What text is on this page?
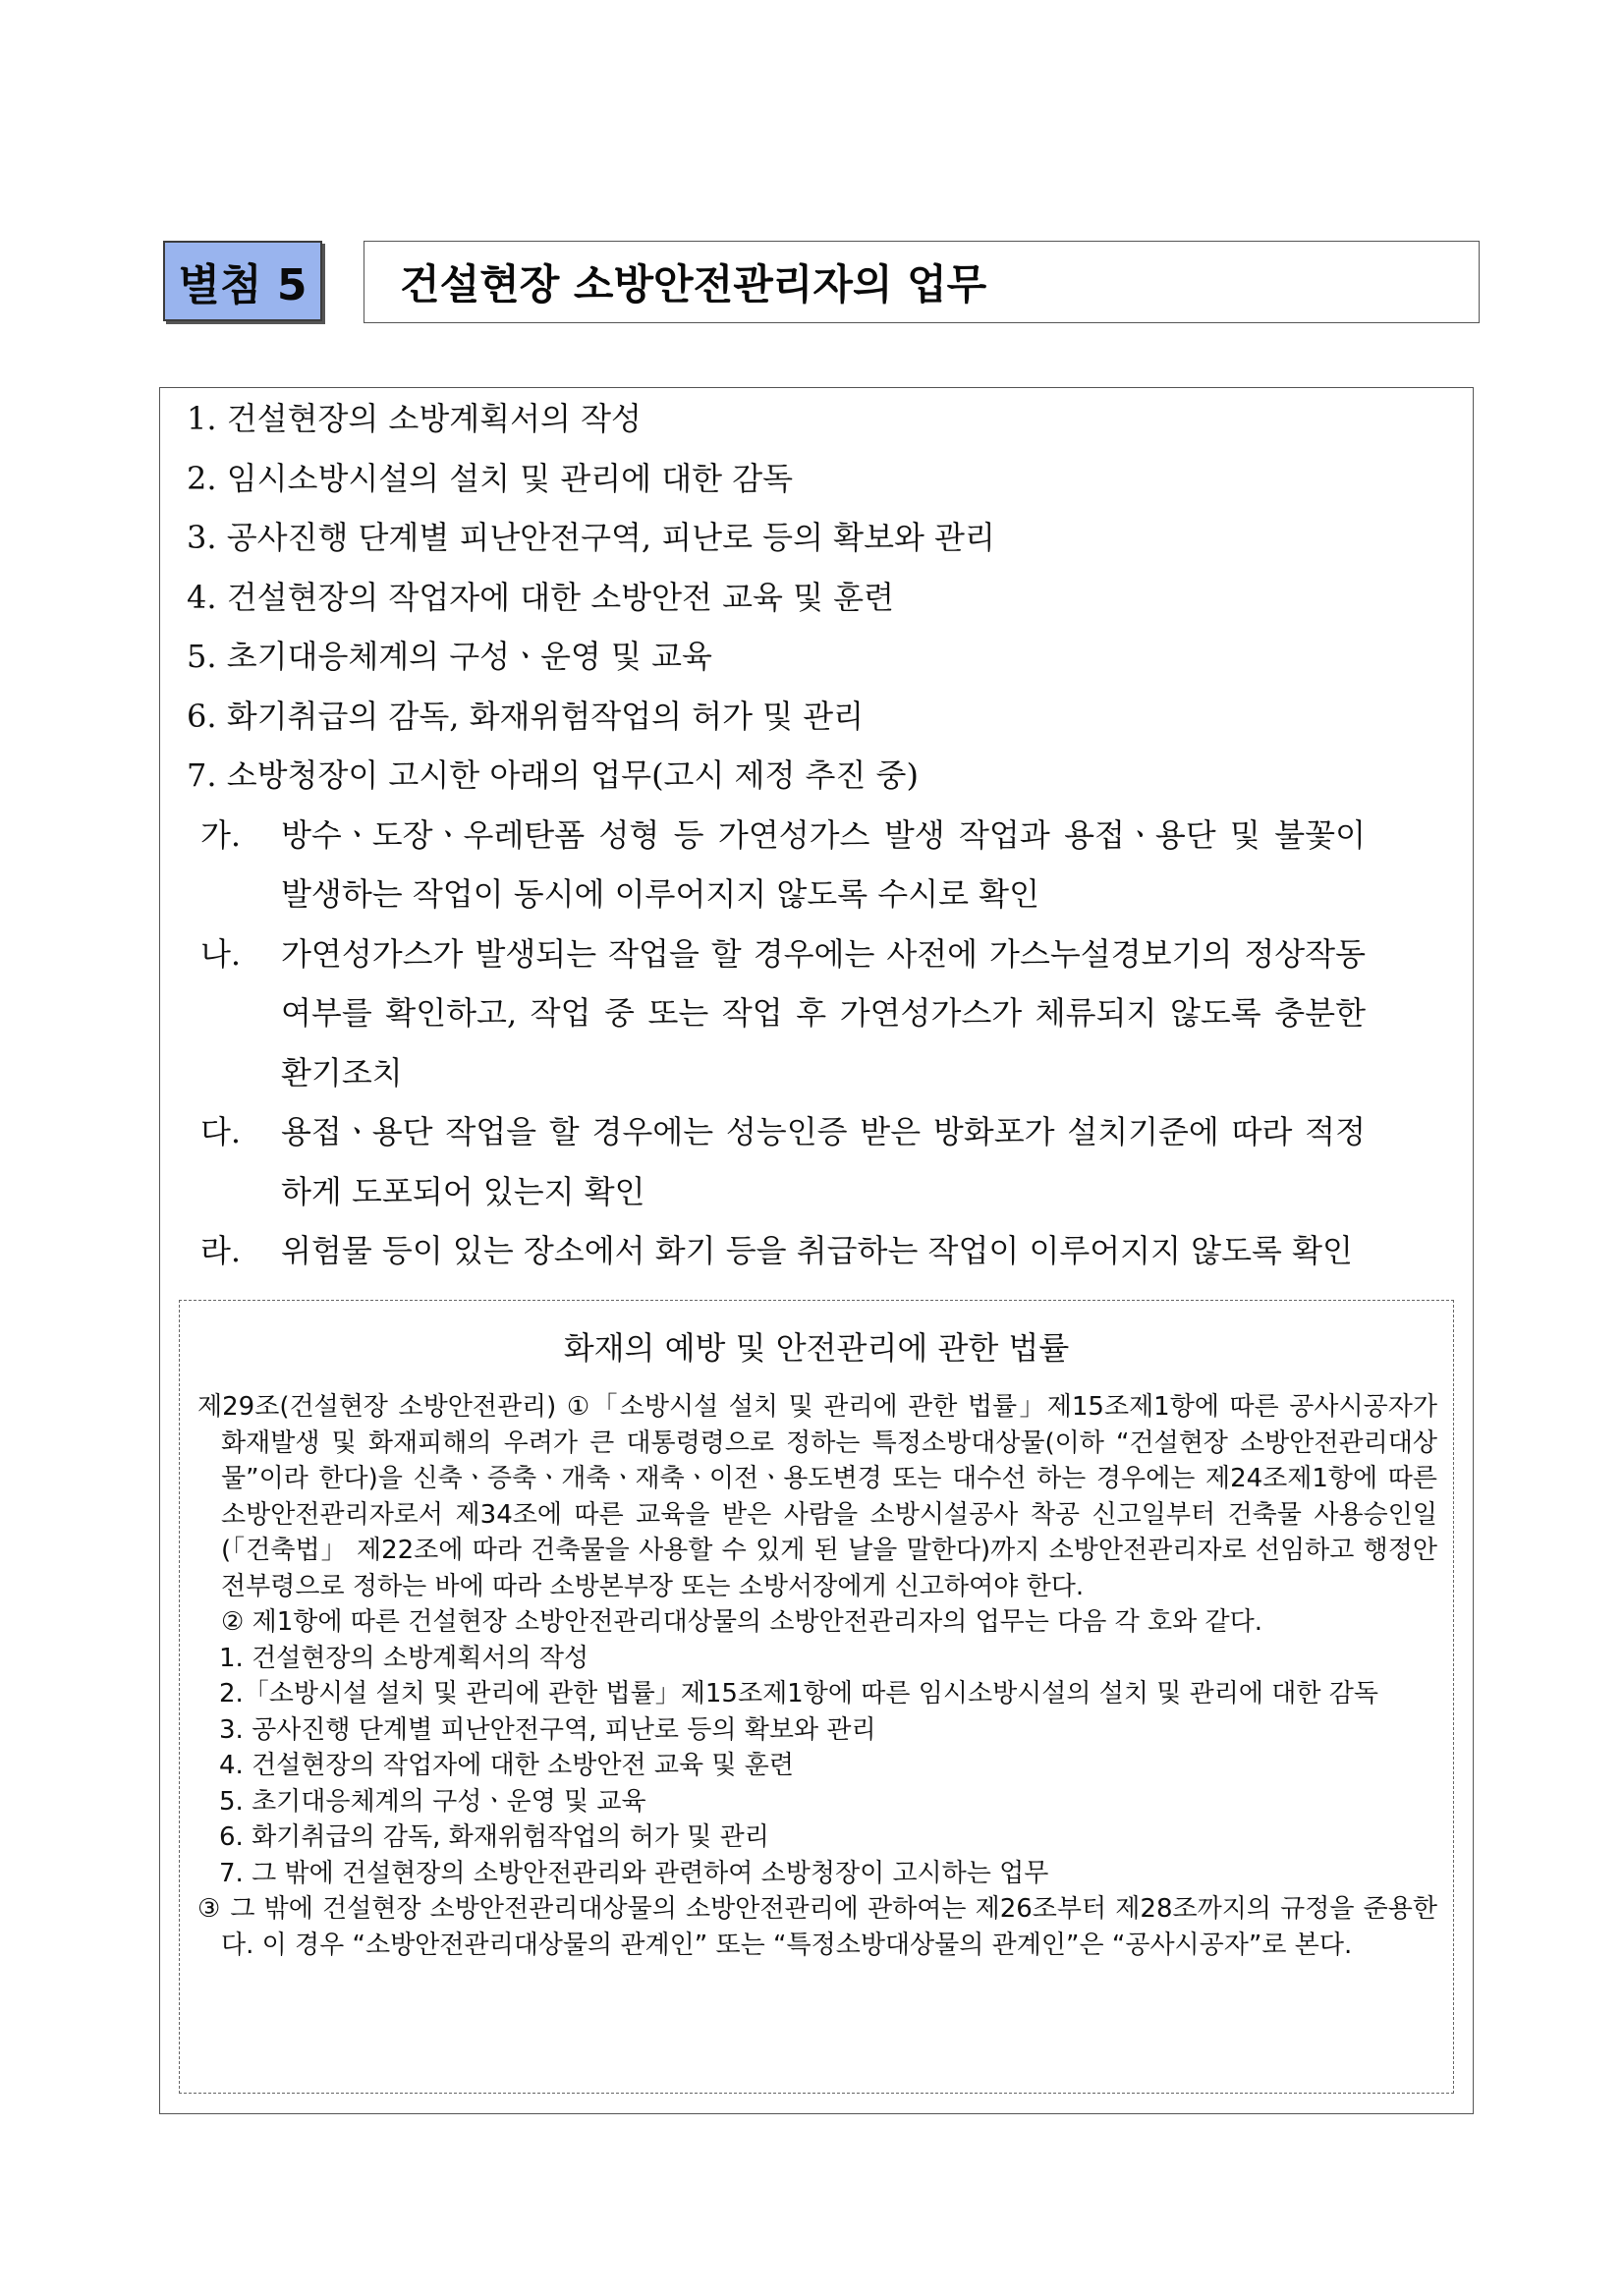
별첨 5	건설현장 소방안전관리자의 업무
1. 건설현장의 소방계획서의 작성
2. 임시소방시설의 설치 및 관리에 대한 감독
3. 공사진행 단계별 피난안전구역, 피난로 등의 확보와 관리
4. 건설현장의 작업자에 대한 소방안전 교육 및 훈련
5. 초기대응체계의 구성ㆍ운영 및 교육
6. 화기취급의 감독, 화재위험작업의 허가 및 관리
7. 소방청장이 고시한 아래의 업무(고시 제정 추진 중)
가. 방수ㆍ도장ㆍ우레탄폼 성형 등 가연성가스 발생 작업과 용접ㆍ용단 및 불꽃이 발생하는 작업이 동시에 이루어지지 않도록 수시로 확인
나. 가연성가스가 발생되는 작업을 할 경우에는 사전에 가스누설경보기의 정상작동 여부를 확인하고, 작업 중 또는 작업 후 가연성가스가 체류되지 않도록 충분한 환기조치
다. 용접ㆍ용단 작업을 할 경우에는 성능인증 받은 방화포가 설치기준에 따라 적정하게 도포되어 있는지 확인
라. 위험물 등이 있는 장소에서 화기 등을 취급하는 작업이 이루어지지 않도록 확인
화재의 예방 및 안전관리에 관한 법률
제29조(건설현장 소방안전관리) ①「소방시설 설치 및 관리에 관한 법률」제15조제1항에 따른 공사시공자가 화재발생 및 화재피해의 우려가 큰 대통령령으로 정하는 특정소방대상물(이하 “건설현장 소방안전관리대상물”이라 한다)을 신축ㆍ증축ㆍ개축ㆍ재축ㆍ이전ㆍ용도변경 또는 대수선 하는 경우에는 제24조제1항에 따른 소방안전관리자로서 제34조에 따른 교육을 받은 사람을 소방시설공사 착공 신고일부터 건축물 사용승인일(「건축법」 제22조에 따라 건축물을 사용할 수 있게 된 날을 말한다)까지 소방안전관리자로 선임하고 행정안전부령으로 정하는 바에 따라 소방본부장 또는 소방서장에게 신고하여야 한다.
② 제1항에 따른 건설현장 소방안전관리대상물의 소방안전관리자의 업무는 다음 각 호와 같다.
1. 건설현장의 소방계획서의 작성
2.「소방시설 설치 및 관리에 관한 법률」제15조제1항에 따른 임시소방시설의 설치 및 관리에 대한 감독
3. 공사진행 단계별 피난안전구역, 피난로 등의 확보와 관리
4. 건설현장의 작업자에 대한 소방안전 교육 및 훈련
5. 초기대응체계의 구성ㆍ운영 및 교육
6. 화기취급의 감독, 화재위험작업의 허가 및 관리
7. 그 밖에 건설현장의 소방안전관리와 관련하여 소방청장이 고시하는 업무
③ 그 밖에 건설현장 소방안전관리대상물의 소방안전관리에 관하여는 제26조부터 제28조까지의 규정을 준용한다. 이 경우 “소방안전관리대상물의 관계인” 또는 “특정소방대상물의 관계인”은 “공사시공자”로 본다.
